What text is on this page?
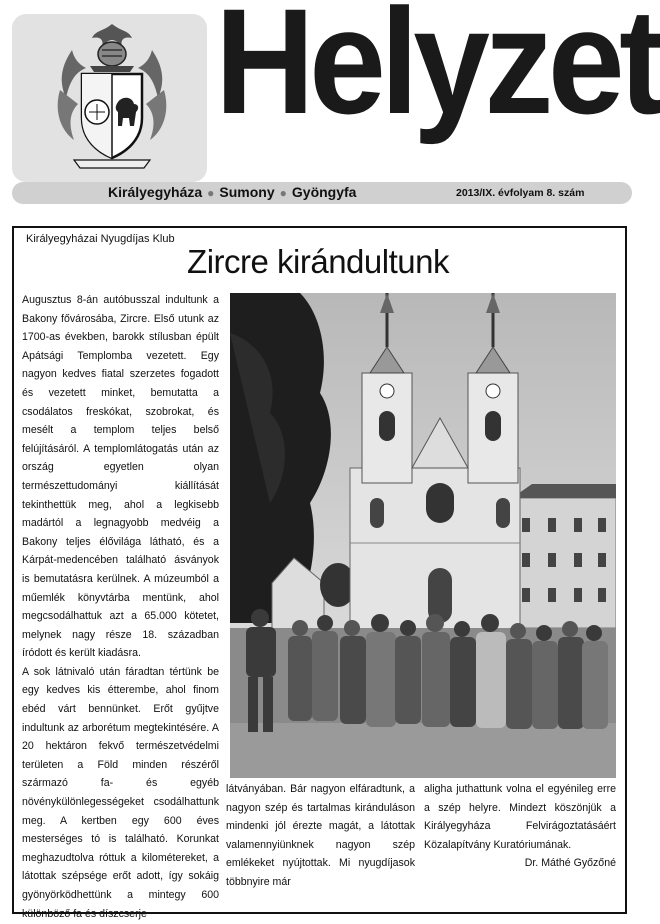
Helyzet
Királyegyháza ● Sumony ● Gyöngyfa	2013/IX. évfolyam 8. szám
Királyegyházai Nyugdíjas Klub
Zircre kirándultunk

Augusztus 8-án autóbusszal indultunk a Bakony fővárosába, Zircre. Első utunk az 1700-as években, barokk stílusban épült Apátsági Templomba vezetett. Egy nagyon kedves fiatal szerzetes fogadott és vezetett minket, bemutatta a csodálatos freskókat, szobrokat, és mesélt a templom teljes belső felújításáról. A templomlátogatás után az ország egyetlen olyan természettudományi kiállítását tekinthettük meg, ahol a legkisebb madártól a legnagyobb medvéig a Bakony teljes élővilága látható, és a Kárpát-medencében található ásványok is bemutatásra kerülnek. A múzeumból a műemlék könyvtárba mentünk, ahol megcsodálhattuk azt a 65.000 kötetet, melynek nagy része 18. században íródott és került kiadásra.

A sok látnivaló után fáradtan tértünk be egy kedves kis étterembe, ahol finom ebéd várt bennünket. Erőt gyűjtve indultunk az arborétum megtekintésére. A 20 hektáron fekvő természetvédelmi területen a Föld minden részéről származó fa- és egyéb növénykülönlegességeket csodálhattunk meg. A kertben egy 600 éves mesterséges tó is található. Korunkat meghazudtolva róttuk a kilométereket, a látottak szépsége erőt adott, így sokáig gyönyörködhettünk a mintegy 600 különböző fa és díszcserje

látványában. Bár nagyon elfáradtunk, a nagyon szép és tartalmas kiránduláson mindenki jól érezte magát, a látottak valamennyiünknek nagyon szép emlékeket nyújtottak. Mi nyugdíjasok többnyire már

aligha juthattunk volna el egyénileg erre a szép helyre. Mindezt köszönjük a Királyegyháza Felvirágoztatásáért Közalapítvány Kuratóriumának.

Dr. Máthé Győzőné
